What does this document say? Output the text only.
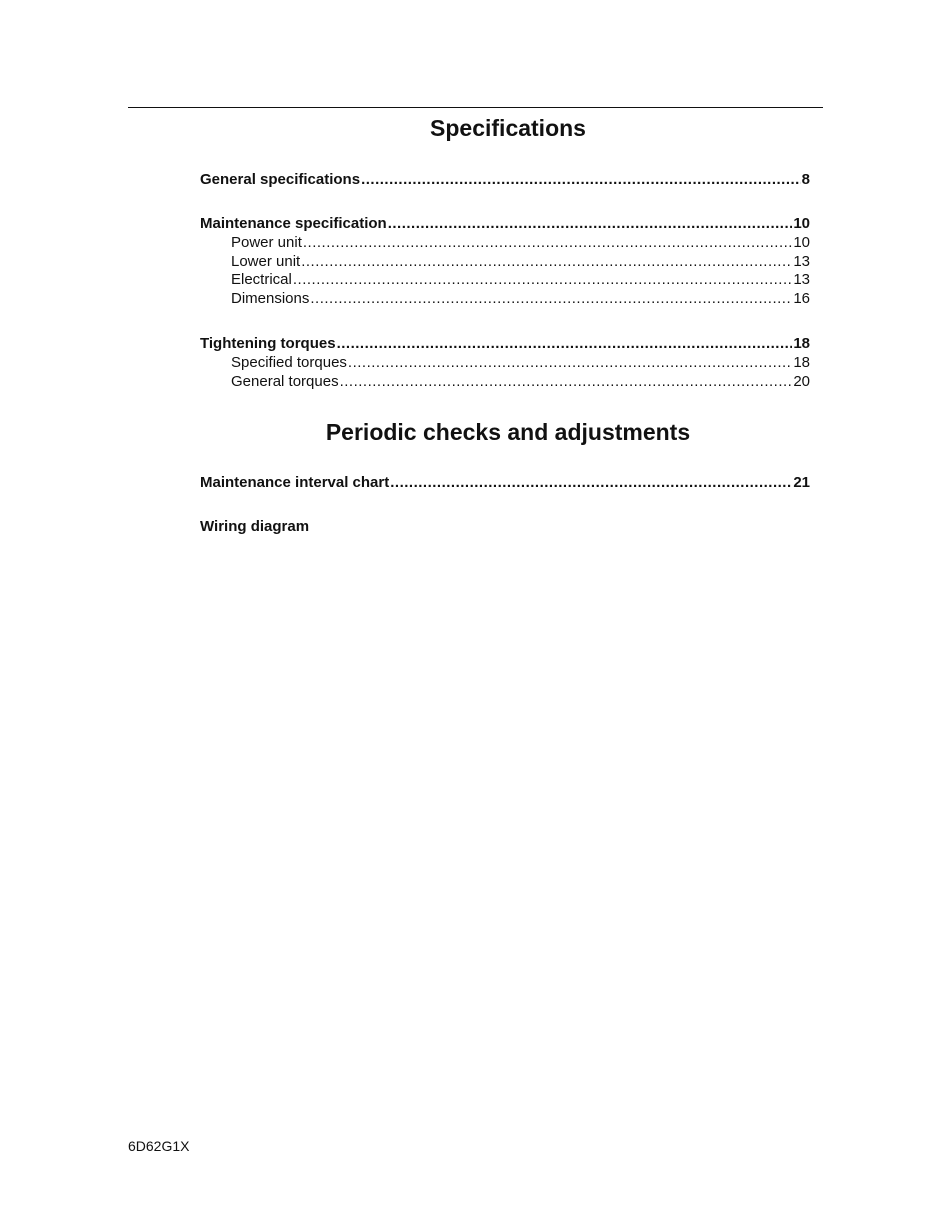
Specifications
General specifications .....	8
Maintenance specification .....	10
Power unit .....	10
Lower unit .....	13
Electrical .....	13
Dimensions .....	16
Tightening torques .....	18
Specified torques .....	18
General torques .....	20
Periodic checks and adjustments
Maintenance interval chart .....	21
Wiring diagram

6D62G1X
